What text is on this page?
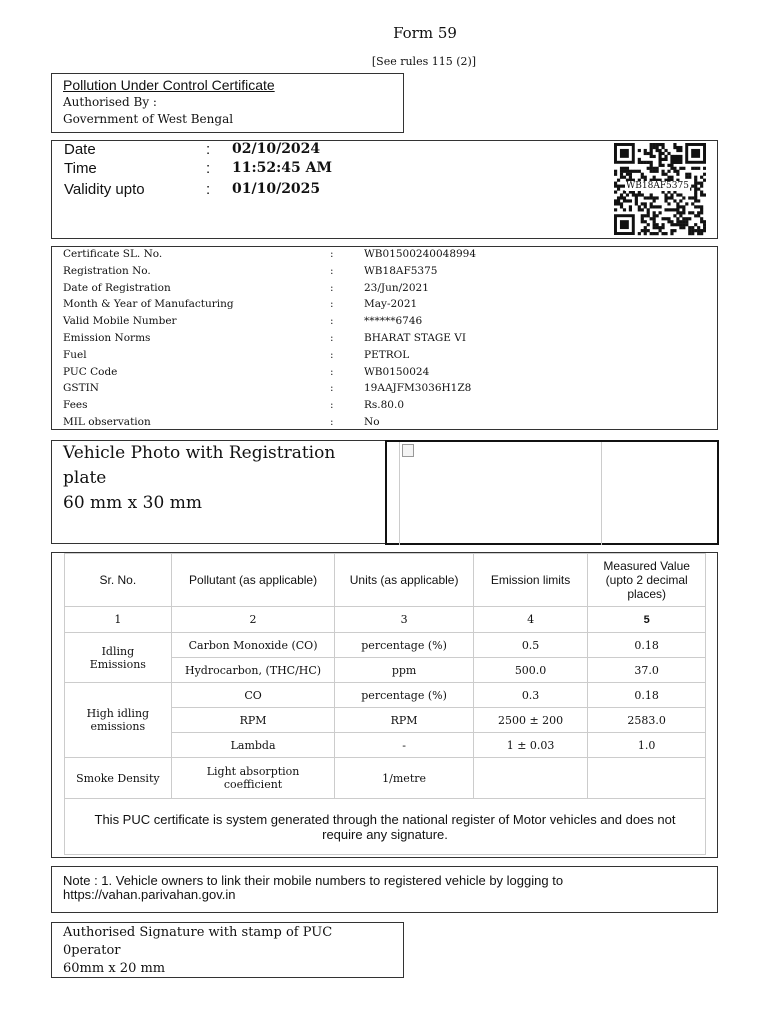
Form 59
[See rules 115 (2)]
Pollution Under Control Certificate
Authorised By :
Government of West Bengal
Date	: 02/10/2024
Time	: 11:52:45 AM
Validity upto	: 01/10/2025	WB18AF5375
Certificate SL. No.	:	WB01500240048994
Registration No.	:	WB18AF5375
Date of Registration	:	23/Jun/2021
Month & Year of Manufacturing	:	May-2021
Valid Mobile Number	:	******6746
Emission Norms	:	BHARAT STAGE VI
Fuel	:	PETROL
PUC Code	:	WB0150024
GSTIN	:	19AAJFM3036H1Z8
Fees	:	Rs.80.0
MIL observation	:	No
Vehicle Photo with Registration
plate
60 mm x 30 mm
Sr. No.	Pollutant (as applicable)	Units (as applicable)	Emission limits	Measured Value (upto 2 decimal places)
1	2	3	4	5
Idling Emissions	Carbon Monoxide (CO)	percentage (%)	0.5	0.18
	Hydrocarbon, (THC/HC)	ppm	500.0	37.0
High idling emissions	CO	percentage (%)	0.3	0.18
	RPM	RPM	2500 ± 200	2583.0
	Lambda	-	1 ± 0.03	1.0
Smoke Density	Light absorption coefficient	1/metre		
This PUC certificate is system generated through the national register of Motor vehicles and does not require any signature.				
Note : 1. Vehicle owners to link their mobile numbers to registered vehicle by logging to https://vahan.parivahan.gov.in
Authorised Signature with stamp of PUC
0perator
60mm x 20 mm
